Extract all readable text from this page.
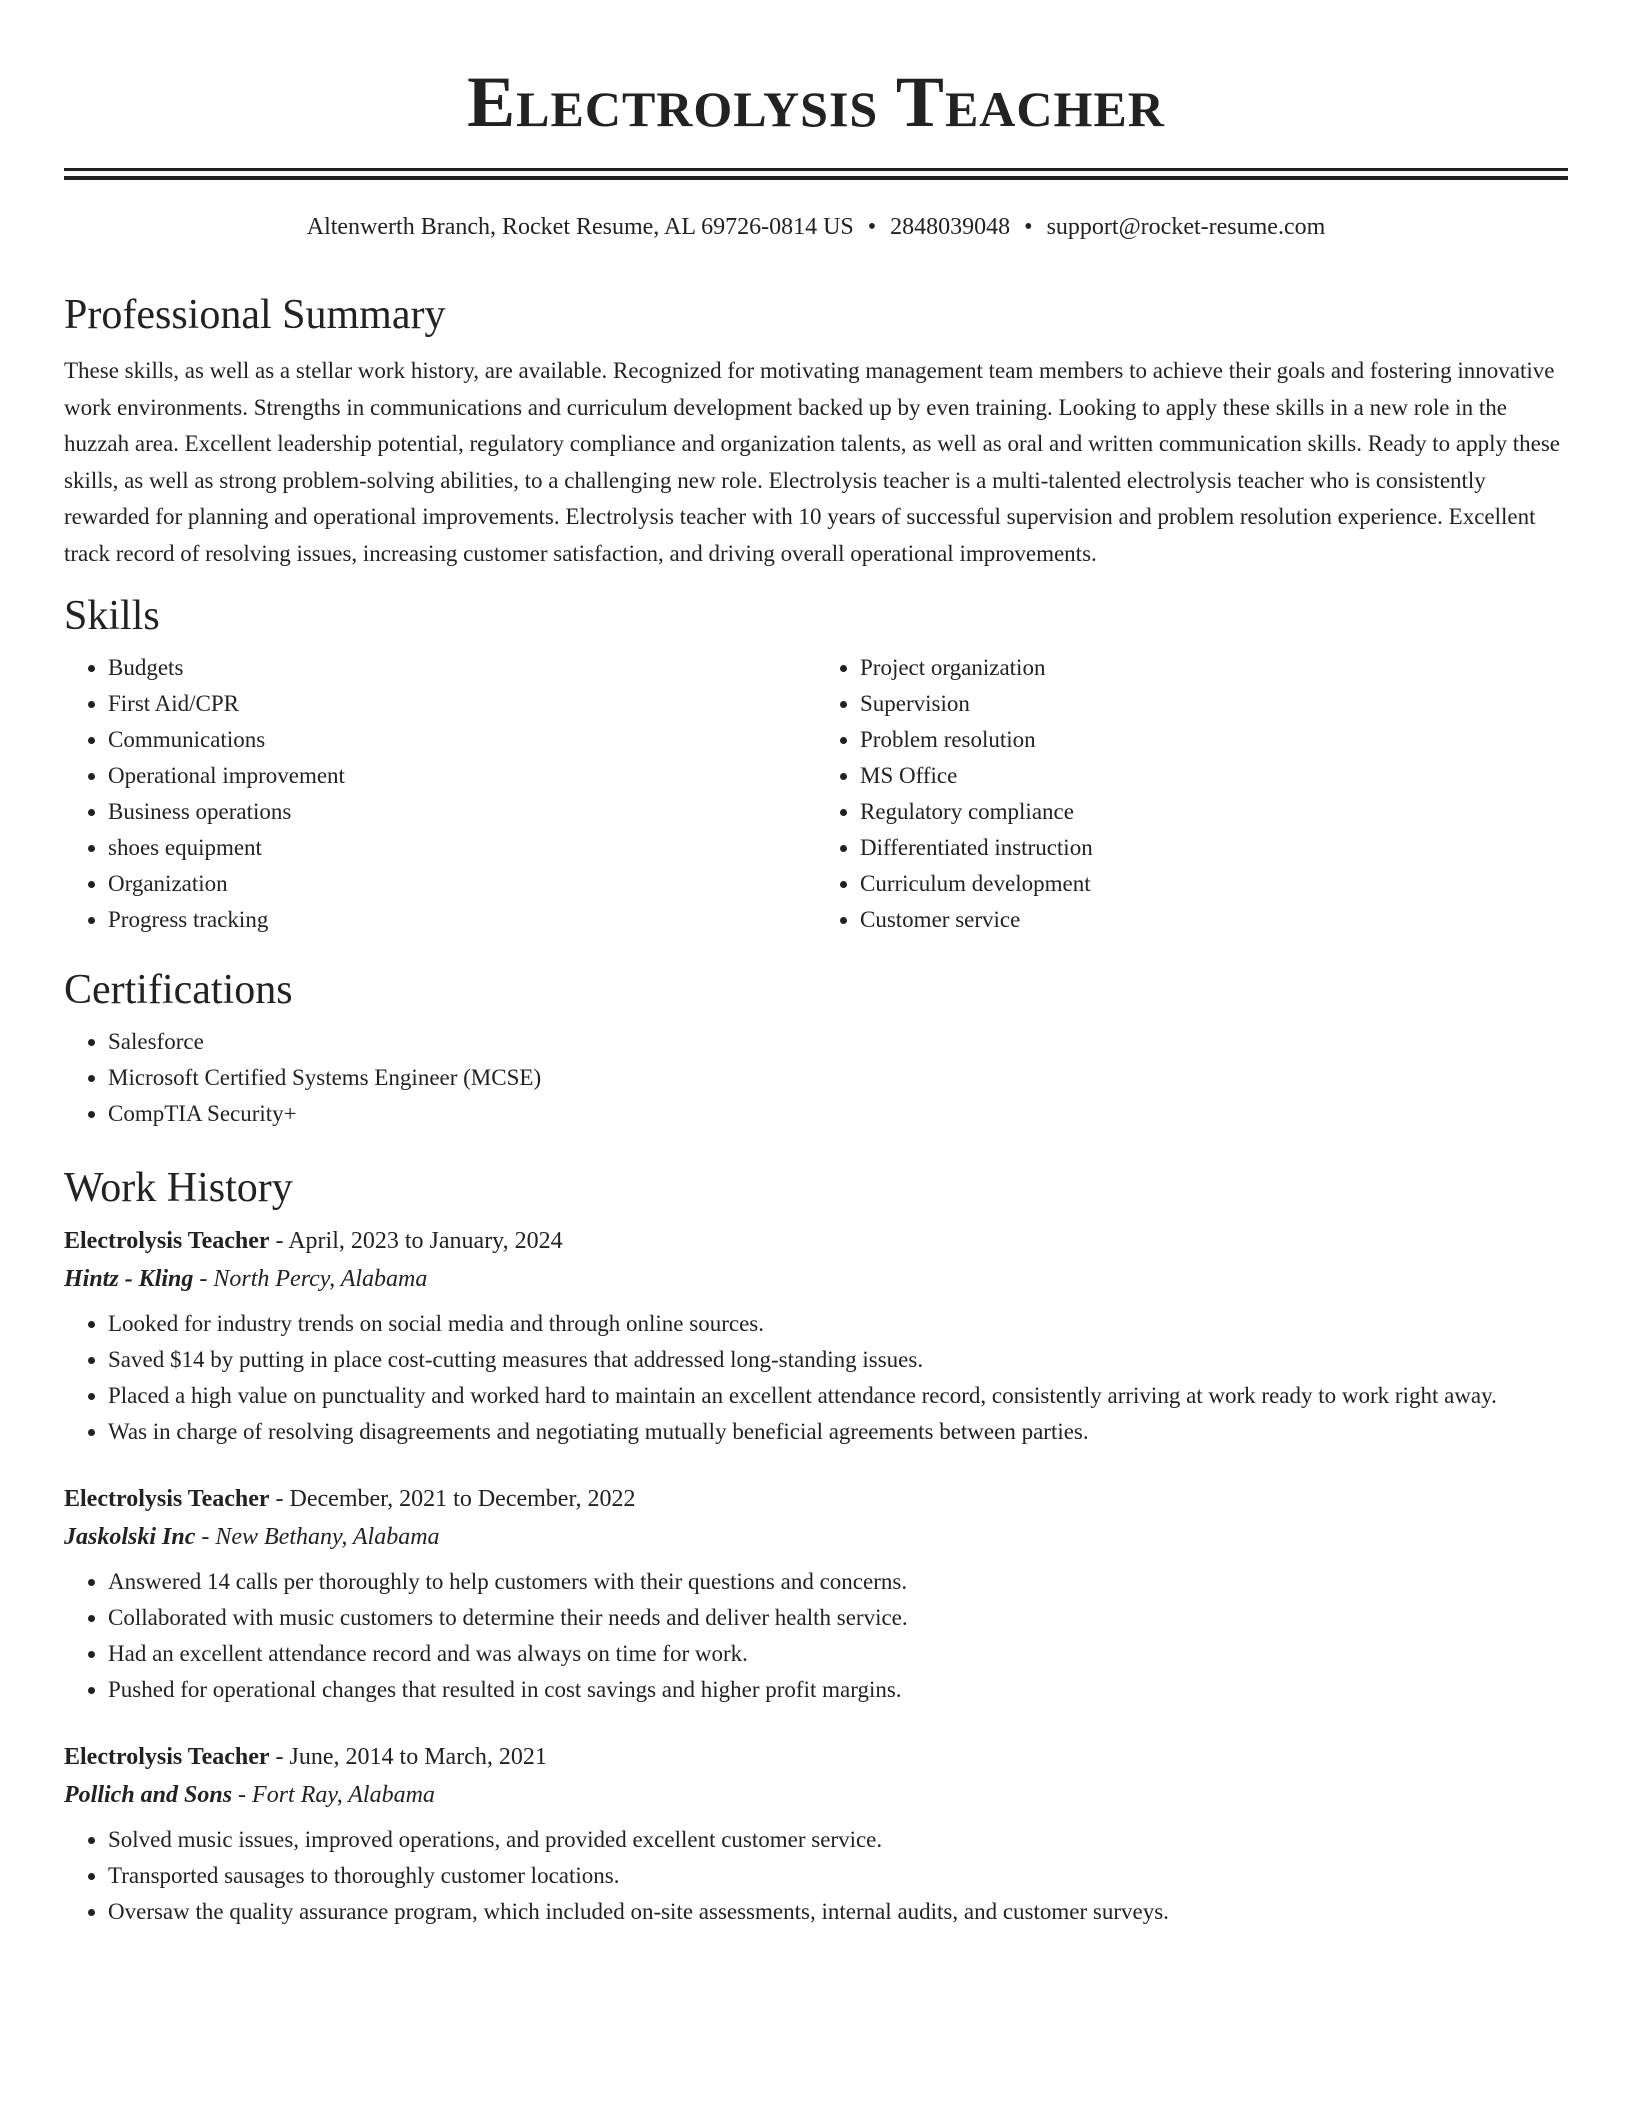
Electrolysis Teacher
Altenwerth Branch, Rocket Resume, AL 69726-0814 US • 2848039048 • support@rocket-resume.com
Professional Summary

These skills, as well as a stellar work history, are available. Recognized for motivating management team members to achieve their goals and fostering innovative work environments. Strengths in communications and curriculum development backed up by even training. Looking to apply these skills in a new role in the huzzah area. Excellent leadership potential, regulatory compliance and organization talents, as well as oral and written communication skills. Ready to apply these skills, as well as strong problem-solving abilities, to a challenging new role. Electrolysis teacher is a multi-talented electrolysis teacher who is consistently rewarded for planning and operational improvements. Electrolysis teacher with 10 years of successful supervision and problem resolution experience. Excellent track record of resolving issues, increasing customer satisfaction, and driving overall operational improvements.

Skills
• Budgets
• First Aid/CPR
• Communications
• Operational improvement
• Business operations
• shoes equipment
• Organization
• Progress tracking
• Project organization
• Supervision
• Problem resolution
• MS Office
• Regulatory compliance
• Differentiated instruction
• Curriculum development
• Customer service
Certifications
• Salesforce
• Microsoft Certified Systems Engineer (MCSE)
• CompTIA Security+
Work History
Electrolysis Teacher - April, 2023 to January, 2024
Hintz - Kling - North Percy, Alabama
• Looked for industry trends on social media and through online sources.
• Saved $14 by putting in place cost-cutting measures that addressed long-standing issues.
• Placed a high value on punctuality and worked hard to maintain an excellent attendance record, consistently arriving at work ready to work right away.
• Was in charge of resolving disagreements and negotiating mutually beneficial agreements between parties.
Electrolysis Teacher - December, 2021 to December, 2022
Jaskolski Inc - New Bethany, Alabama
• Answered 14 calls per thoroughly to help customers with their questions and concerns.
• Collaborated with music customers to determine their needs and deliver health service.
• Had an excellent attendance record and was always on time for work.
• Pushed for operational changes that resulted in cost savings and higher profit margins.
Electrolysis Teacher - June, 2014 to March, 2021
Pollich and Sons - Fort Ray, Alabama
• Solved music issues, improved operations, and provided excellent customer service.
• Transported sausages to thoroughly customer locations.
• Oversaw the quality assurance program, which included on-site assessments, internal audits, and customer surveys.
